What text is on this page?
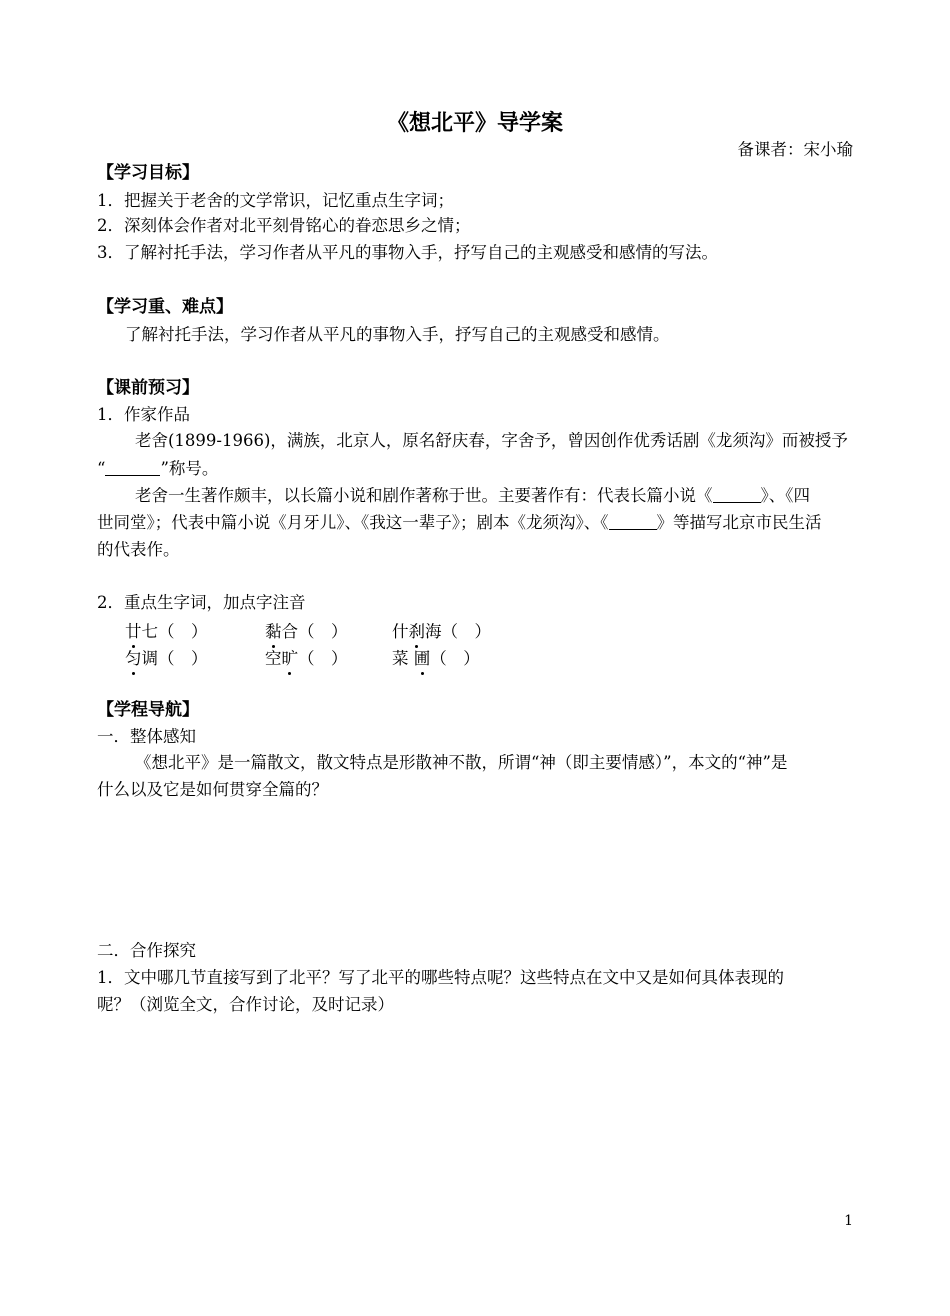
《想北平》导学案
备课者：宋小瑜
【学习目标】
1．把握关于老舍的文学常识，记忆重点生字词；
2．深刻体会作者对北平刻骨铭心的眷恋思乡之情；
3．了解衬托手法，学习作者从平凡的事物入手，抒写自己的主观感受和感情的写法。
【学习重、难点】
了解衬托手法，学习作者从平凡的事物入手，抒写自己的主观感受和感情。
【课前预习】
1．作家作品
老舍(1899-1966)，满族，北京人，原名舒庆春，字舍予，曾因创作优秀话剧《龙须沟》而被授予
“	”称号。
老舍一生著作颇丰，以长篇小说和剧作著称于世。主要著作有：代表长篇小说《	》、《四
世同堂》；代表中篇小说《月牙儿》、《我这一辈子》；剧本《龙须沟》、《	》等描写北京市民生活
的代表作。
2．重点生字词，加点字注音
廿七（　）	黏合（　）	什刹海（　）
匀调（　）	空旷（　）	菜 圃（　）
【学程导航】
一．整体感知
《想北平》是一篇散文，散文特点是形散神不散，所谓“神（即主要情感）”，本文的“神”是
什么以及它是如何贯穿全篇的？
二．合作探究
1．文中哪几节直接写到了北平？写了北平的哪些特点呢？这些特点在文中又是如何具体表现的
呢？（浏览全文，合作讨论，及时记录）
1
